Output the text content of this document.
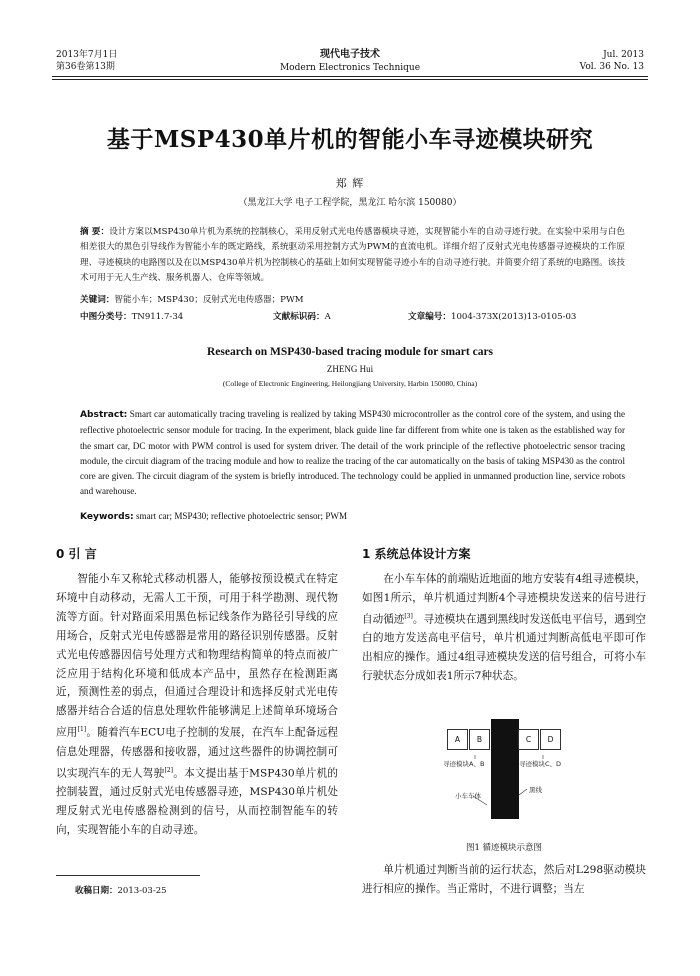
2013年7月1日
第36卷第13期
现代电子技术
Modern Electronics Technique
Jul. 2013
Vol. 36 No. 13
基于MSP430单片机的智能小车寻迹模块研究
郑 辉
（黑龙江大学 电子工程学院，黑龙江 哈尔滨 150080）
摘 要：设计方案以MSP430单片机为系统的控制核心，采用反射式光电传感器模块寻迹，实现智能小车的自动寻迹行驶。在实验中采用与白色相差很大的黑色引导线作为智能小车的既定路线，系统驱动采用控制方式为PWM的直流电机。详细介绍了反射式光电传感器寻迹模块的工作原理、寻迹模块的电路图以及在以MSP430单片机为控制核心的基础上如何实现智能寻迹小车的自动寻迹行驶。并简要介绍了系统的电路图。该技术可用于无人生产线、服务机器人、仓库等领域。
关键词：智能小车；MSP430；反射式光电传感器；PWM
中图分类号：TN911.7-34	文献标识码：A	文章编号：1004-373X(2013)13-0105-03
Research on MSP430-based tracing module for smart cars
ZHENG Hui
(College of Electronic Engineering, Heilongjiang University, Harbin 150080, China)
Abstract: Smart car automatically tracing traveling is realized by taking MSP430 microcontroller as the control core of the system, and using the reflective photoelectric sensor module for tracing. In the experiment, black guide line far different from white one is taken as the established way for the smart car, DC motor with PWM control is used for system driver. The detail of the work principle of the reflective photoelectric sensor tracing module, the circuit diagram of the tracing module and how to realize the tracing of the car automatically on the basis of taking MSP430 as the control core are given. The circuit diagram of the system is briefly introduced. The technology could be applied in unmanned production line, service robots and warehouse.
Keywords: smart car; MSP430; reflective photoelectric sensor; PWM
0 引 言
智能小车又称轮式移动机器人，能够按预设模式在特定环境中自动移动，无需人工干预，可用于科学勘测、现代物流等方面。针对路面采用黑色标记线条作为路径引导线的应用场合，反射式光电传感器是常用的路径识别传感器。反射式光电传感器因信号处理方式和物理结构简单的特点而被广泛应用于结构化环境和低成本产品中，虽然存在检测距离近，预测性差的弱点，但通过合理设计和选择反射式光电传感器并结合合适的信息处理软件能够满足上述简单环境场合应用[1]。随着汽车ECU电子控制的发展，在汽车上配备远程信息处理器，传感器和接收器，通过这些器件的协调控制可以实现汽车的无人驾驶[2]。本文提出基于MSP430单片机的控制装置，通过反射式光电传感器寻迹，MSP430单片机处理反射式光电传感器检测到的信号，从而控制智能车的转向，实现智能小车的自动寻迹。
收稿日期：2013-03-25
1 系统总体设计方案
在小车车体的前端贴近地面的地方安装有4组寻迹模块，如图1所示，单片机通过判断4个寻迹模块发送来的信号进行自动循迹[3]。寻迹模块在遇到黑线时发送低电平信号，遇到空白的地方发送高电平信号，单片机通过判断高低电平即可作出相应的操作。通过4组寻迹模块发送的信号组合，可将小车行驶状态分成如表1所示7种状态。
A	B	C	D
寻迹模块A、B	寻迹模块C、D
小车车体
黑线
图1 循迹模块示意图
单片机通过判断当前的运行状态，然后对L298驱动模块进行相应的操作。当正常时，不进行调整；当左
